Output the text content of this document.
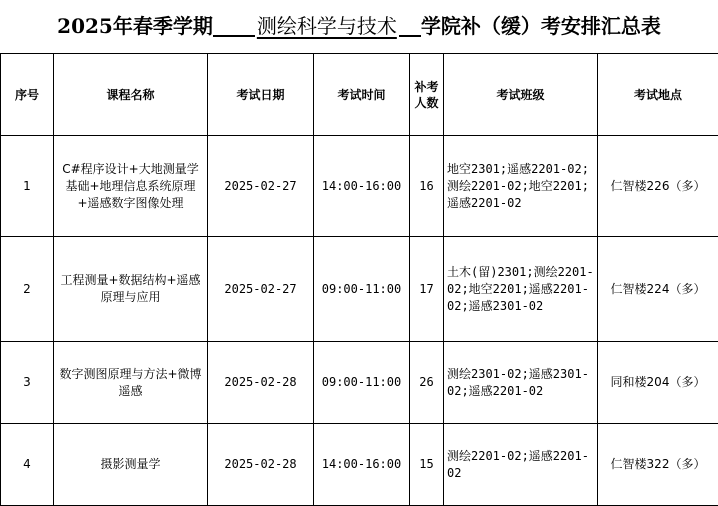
2025年春季学期 测绘科学与技术 学院补（缓）考安排汇总表
序号	课程名称	考试日期	考试时间	补考人数	考试班级	考试地点
1	C#程序设计+大地测量学基础+地理信息系统原理+遥感数字图像处理	2025-02-27	14:00-16:00	16	地空2301;遥感2201-02;测绘2201-02;地空2201;遥感2201-02	仁智楼226（多）
2	工程测量+数据结构+遥感原理与应用	2025-02-27	09:00-11:00	17	土木(留)2301;测绘2201-02;地空2201;遥感2201-02;遥感2301-02	仁智楼224（多）
3	数字测图原理与方法+微博遥感	2025-02-28	09:00-11:00	26	测绘2301-02;遥感2301-02;遥感2201-02	同和楼204（多）
4	摄影测量学	2025-02-28	14:00-16:00	15	测绘2201-02;遥感2201-02	仁智楼322（多）
